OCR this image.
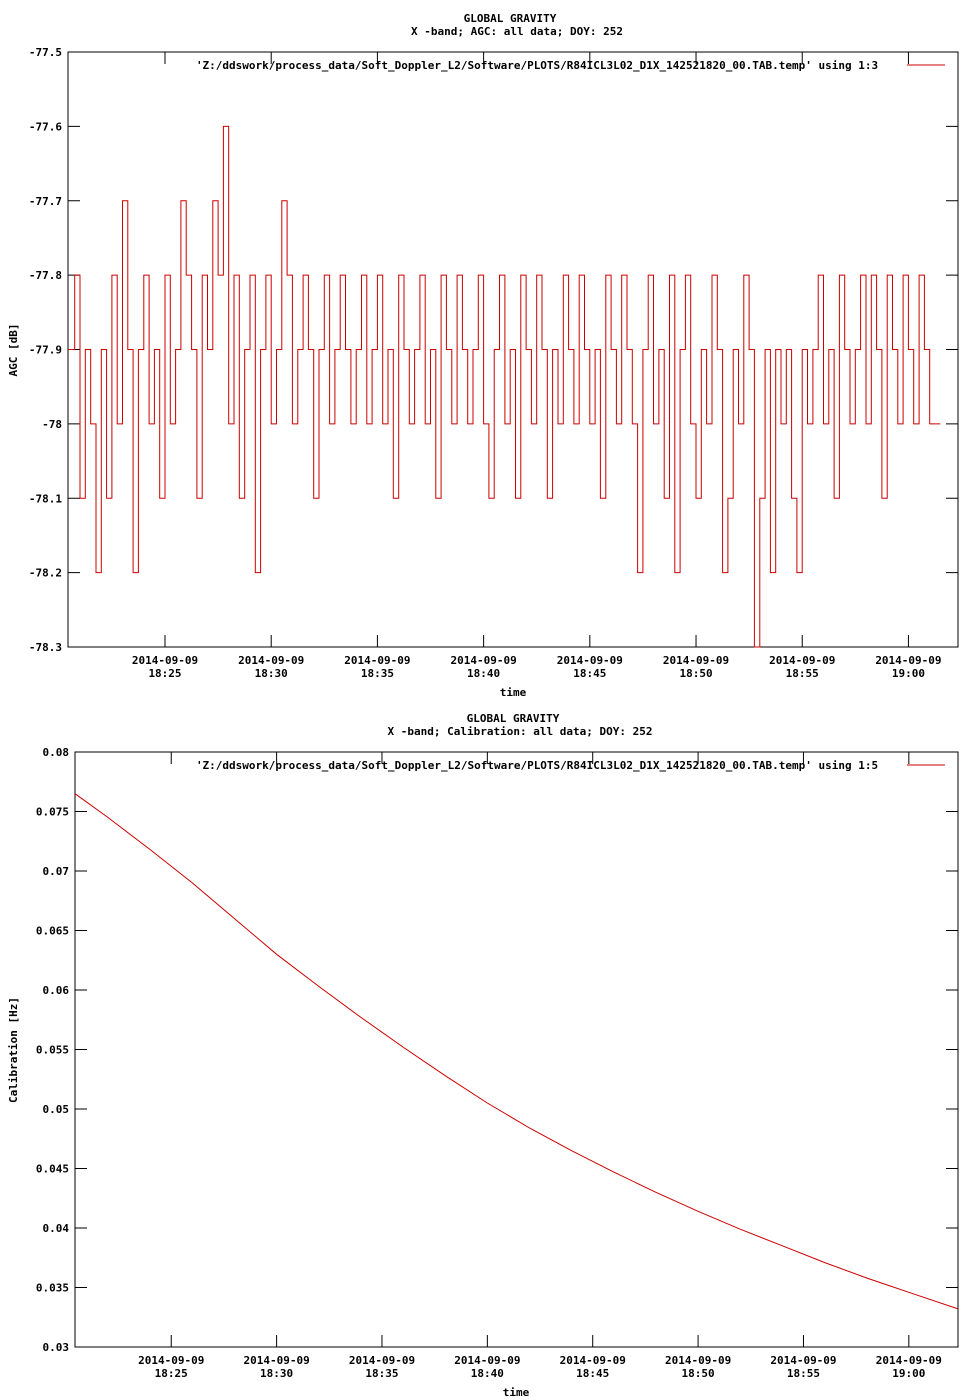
GLOBAL GRAVITY
X -band; AGC: all data; DOY: 252
time
AGC [dB]
'Z:/ddswork/process_data/Soft_Doppler_L2/Software/PLOTS/R84ICL3L02_D1X_142521820_00.TAB.temp' using 1:3
-77.5
-77.6
-77.7
-77.8
-77.9
-78
-78.1
-78.2
-78.3
2014-09-09
18:25
2014-09-09
18:30
2014-09-09
18:35
2014-09-09
18:40
2014-09-09
18:45
2014-09-09
18:50
2014-09-09
18:55
2014-09-09
19:00
GLOBAL GRAVITY
X -band; Calibration: all data; DOY: 252
time
Calibration [Hz]
'Z:/ddswork/process_data/Soft_Doppler_L2/Software/PLOTS/R84ICL3L02_D1X_142521820_00.TAB.temp' using 1:5
0.08
0.075
0.07
0.065
0.06
0.055
0.05
0.045
0.04
0.035
0.03
2014-09-09
18:25
2014-09-09
18:30
2014-09-09
18:35
2014-09-09
18:40
2014-09-09
18:45
2014-09-09
18:50
2014-09-09
18:55
2014-09-09
19:00
